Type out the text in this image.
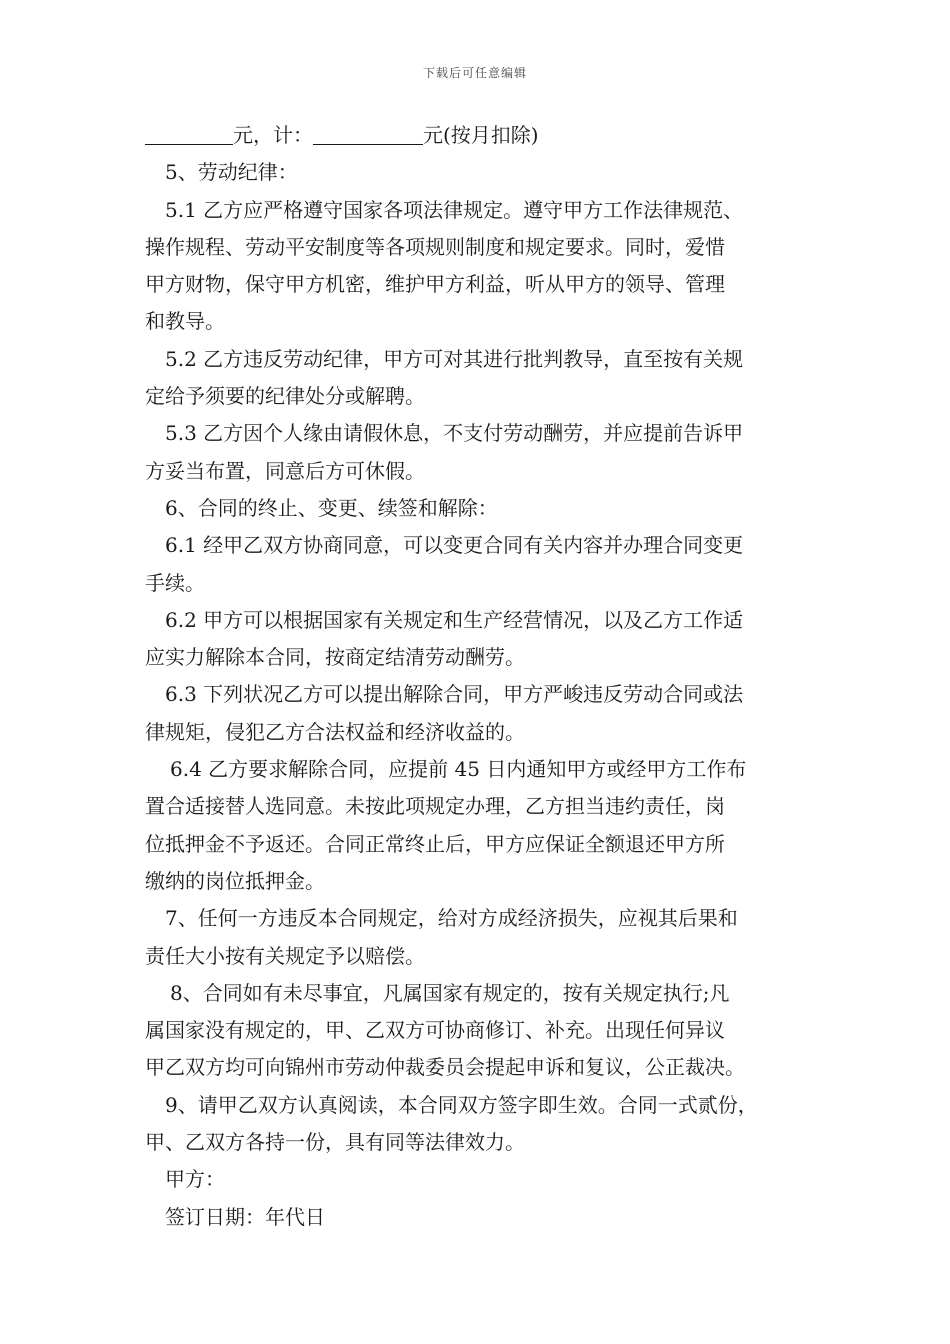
下载后可任意编辑
元，计：	元(按月扣除)
5、劳动纪律：
5.1 乙方应严格遵守国家各项法律规定。遵守甲方工作法律规范、
操作规程、劳动平安制度等各项规则制度和规定要求。同时，爱惜
甲方财物，保守甲方机密，维护甲方利益，听从甲方的领导、管理
和教导。
5.2 乙方违反劳动纪律，甲方可对其进行批判教导，直至按有关规
定给予须要的纪律处分或解聘。
5.3 乙方因个人缘由请假休息，不支付劳动酬劳，并应提前告诉甲
方妥当布置，同意后方可休假。
6、合同的终止、变更、续签和解除：
6.1 经甲乙双方协商同意，可以变更合同有关内容并办理合同变更
手续。
6.2 甲方可以根据国家有关规定和生产经营情况，以及乙方工作适
应实力解除本合同，按商定结清劳动酬劳。
6.3 下列状况乙方可以提出解除合同，甲方严峻违反劳动合同或法
律规矩，侵犯乙方合法权益和经济收益的。
6.4 乙方要求解除合同，应提前 45 日内通知甲方或经甲方工作布
置合适接替人选同意。未按此项规定办理，乙方担当违约责任，岗
位抵押金不予返还。合同正常终止后，甲方应保证全额退还甲方所
缴纳的岗位抵押金。
7、任何一方违反本合同规定，给对方成经济损失，应视其后果和
责任大小按有关规定予以赔偿。
8、合同如有未尽事宜，凡属国家有规定的，按有关规定执行;凡
属国家没有规定的，甲、乙双方可协商修订、补充。出现任何异议
甲乙双方均可向锦州市劳动仲裁委员会提起申诉和复议，公正裁决。
9、请甲乙双方认真阅读，本合同双方签字即生效。合同一式贰份，
甲、乙双方各持一份，具有同等法律效力。
甲方：
签订日期：年代日
